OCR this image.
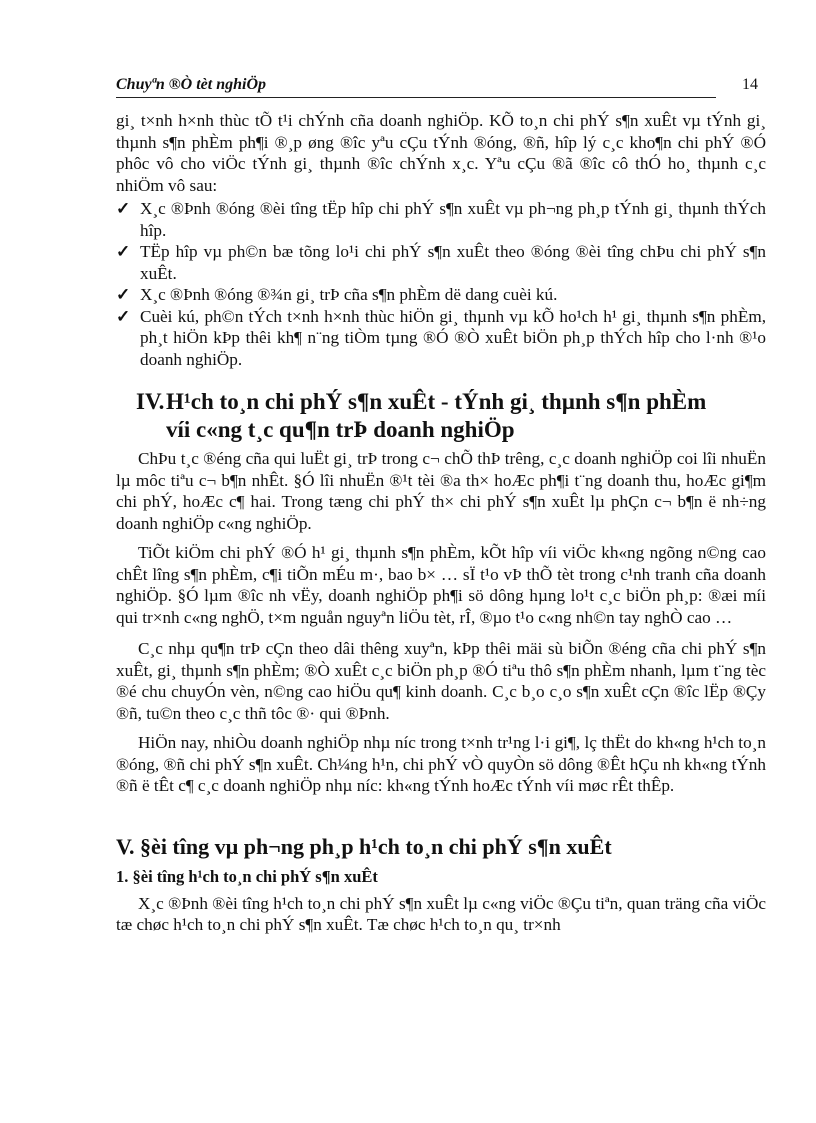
Chuyªn ®Ò tèt nghiÖp	14

gi¸ t×nh h×nh thùc tÕ t¹i chÝnh cña doanh nghiÖp. KÕ to¸n chi phÝ s¶n xuÊt vµ tÝnh gi¸ thµnh s¶n phÈm ph¶i ®¸p øng ®îc yªu cÇu tÝnh ®óng, ®ñ, hîp lý c¸c kho¶n chi phÝ ®Ó phôc vô cho viÖc tÝnh gi¸ thµnh ®îc chÝnh x¸c. Yªu cÇu ®ã ®îc cô thÓ ho¸ thµnh c¸c nhiÖm vô sau:

✓ X¸c ®Þnh ®óng ®èi tîng tËp hîp chi phÝ s¶n xuÊt vµ ph¬ng ph¸p tÝnh gi¸ thµnh thÝch hîp.
✓ TËp hîp vµ ph©n bæ tõng lo¹i chi phÝ s¶n xuÊt theo ®óng ®èi tîng chÞu chi phÝ s¶n xuÊt.
✓ X¸c ®Þnh ®óng ®¾n gi¸ trÞ cña s¶n phÈm dë dang cuèi kú.
✓ Cuèi kú, ph©n tÝch t×nh h×nh thùc hiÖn gi¸ thµnh vµ kÕ ho¹ch h¹ gi¸ thµnh s¶n phÈm, ph¸t hiÖn kÞp thêi kh¶ n¨ng tiÒm tµng ®Ó ®Ò xuÊt biÖn ph¸p thÝch hîp cho l·nh ®¹o doanh nghiÖp.
IV. H¹ch to¸n chi phÝ s¶n xuÊt - tÝnh gi¸ thµnh s¶n phÈm
víi c«ng t¸c qu¶n trÞ doanh nghiÖp

ChÞu t¸c ®éng cña qui luËt gi¸ trÞ trong c¬ chÕ thÞ trêng, c¸c doanh nghiÖp coi lîi nhuËn lµ môc tiªu c¬ b¶n nhÊt. §Ó lîi nhuËn ®¹t tèi ®a th× hoÆc ph¶i t¨ng doanh thu, hoÆc gi¶m chi phÝ, hoÆc c¶ hai. Trong tæng chi phÝ th× chi phÝ s¶n xuÊt lµ phÇn c¬ b¶n ë nh÷ng doanh nghiÖp c«ng nghiÖp.

TiÕt kiÖm chi phÝ ®Ó h¹ gi¸ thµnh s¶n phÈm, kÕt hîp víi viÖc kh«ng ngõng n©ng cao chÊt lîng s¶n phÈm, c¶i tiÕn mÉu m·, bao b× … sÏ t¹o vÞ thÕ tèt trong c¹nh tranh cña doanh nghiÖp. §Ó lµm ®îc nh vËy, doanh nghiÖp ph¶i sö dông hµng lo¹t c¸c biÖn ph¸p: ®æi míi qui tr×nh c«ng nghÖ, t×m nguån nguyªn liÖu tèt, rÎ, ®µo t¹o c«ng nh©n tay nghÒ cao …

C¸c nhµ qu¶n trÞ cÇn theo dâi thêng xuyªn, kÞp thêi mäi sù biÕn ®éng cña chi phÝ s¶n xuÊt, gi¸ thµnh s¶n phÈm; ®Ò xuÊt c¸c biÖn ph¸p ®Ó tiªu thô s¶n phÈm nhanh, lµm t¨ng tèc ®é chu chuyÓn vèn, n©ng cao hiÖu qu¶ kinh doanh. C¸c b¸o c¸o s¶n xuÊt cÇn ®îc lËp ®Çy ®ñ, tu©n theo c¸c thñ tôc ®· qui ®Þnh.

HiÖn nay, nhiÒu doanh nghiÖp nhµ níc trong t×nh tr¹ng l·i gi¶, lç thËt do kh«ng h¹ch to¸n ®óng, ®ñ chi phÝ s¶n xuÊt. Ch¼ng h¹n, chi phÝ vÒ quyÒn sö dông ®Êt hÇu nh kh«ng tÝnh ®ñ ë tÊt c¶ c¸c doanh nghiÖp nhµ níc: kh«ng tÝnh hoÆc tÝnh víi møc rÊt thÊp.

V. §èi tîng vµ ph¬ng ph¸p h¹ch to¸n chi phÝ s¶n xuÊt
1. §èi tîng h¹ch to¸n chi phÝ s¶n xuÊt

X¸c ®Þnh ®èi tîng h¹ch to¸n chi phÝ s¶n xuÊt lµ c«ng viÖc ®Çu tiªn, quan träng cña viÖc tæ chøc h¹ch to¸n chi phÝ s¶n xuÊt. Tæ chøc h¹ch to¸n qu¸ tr×nh
